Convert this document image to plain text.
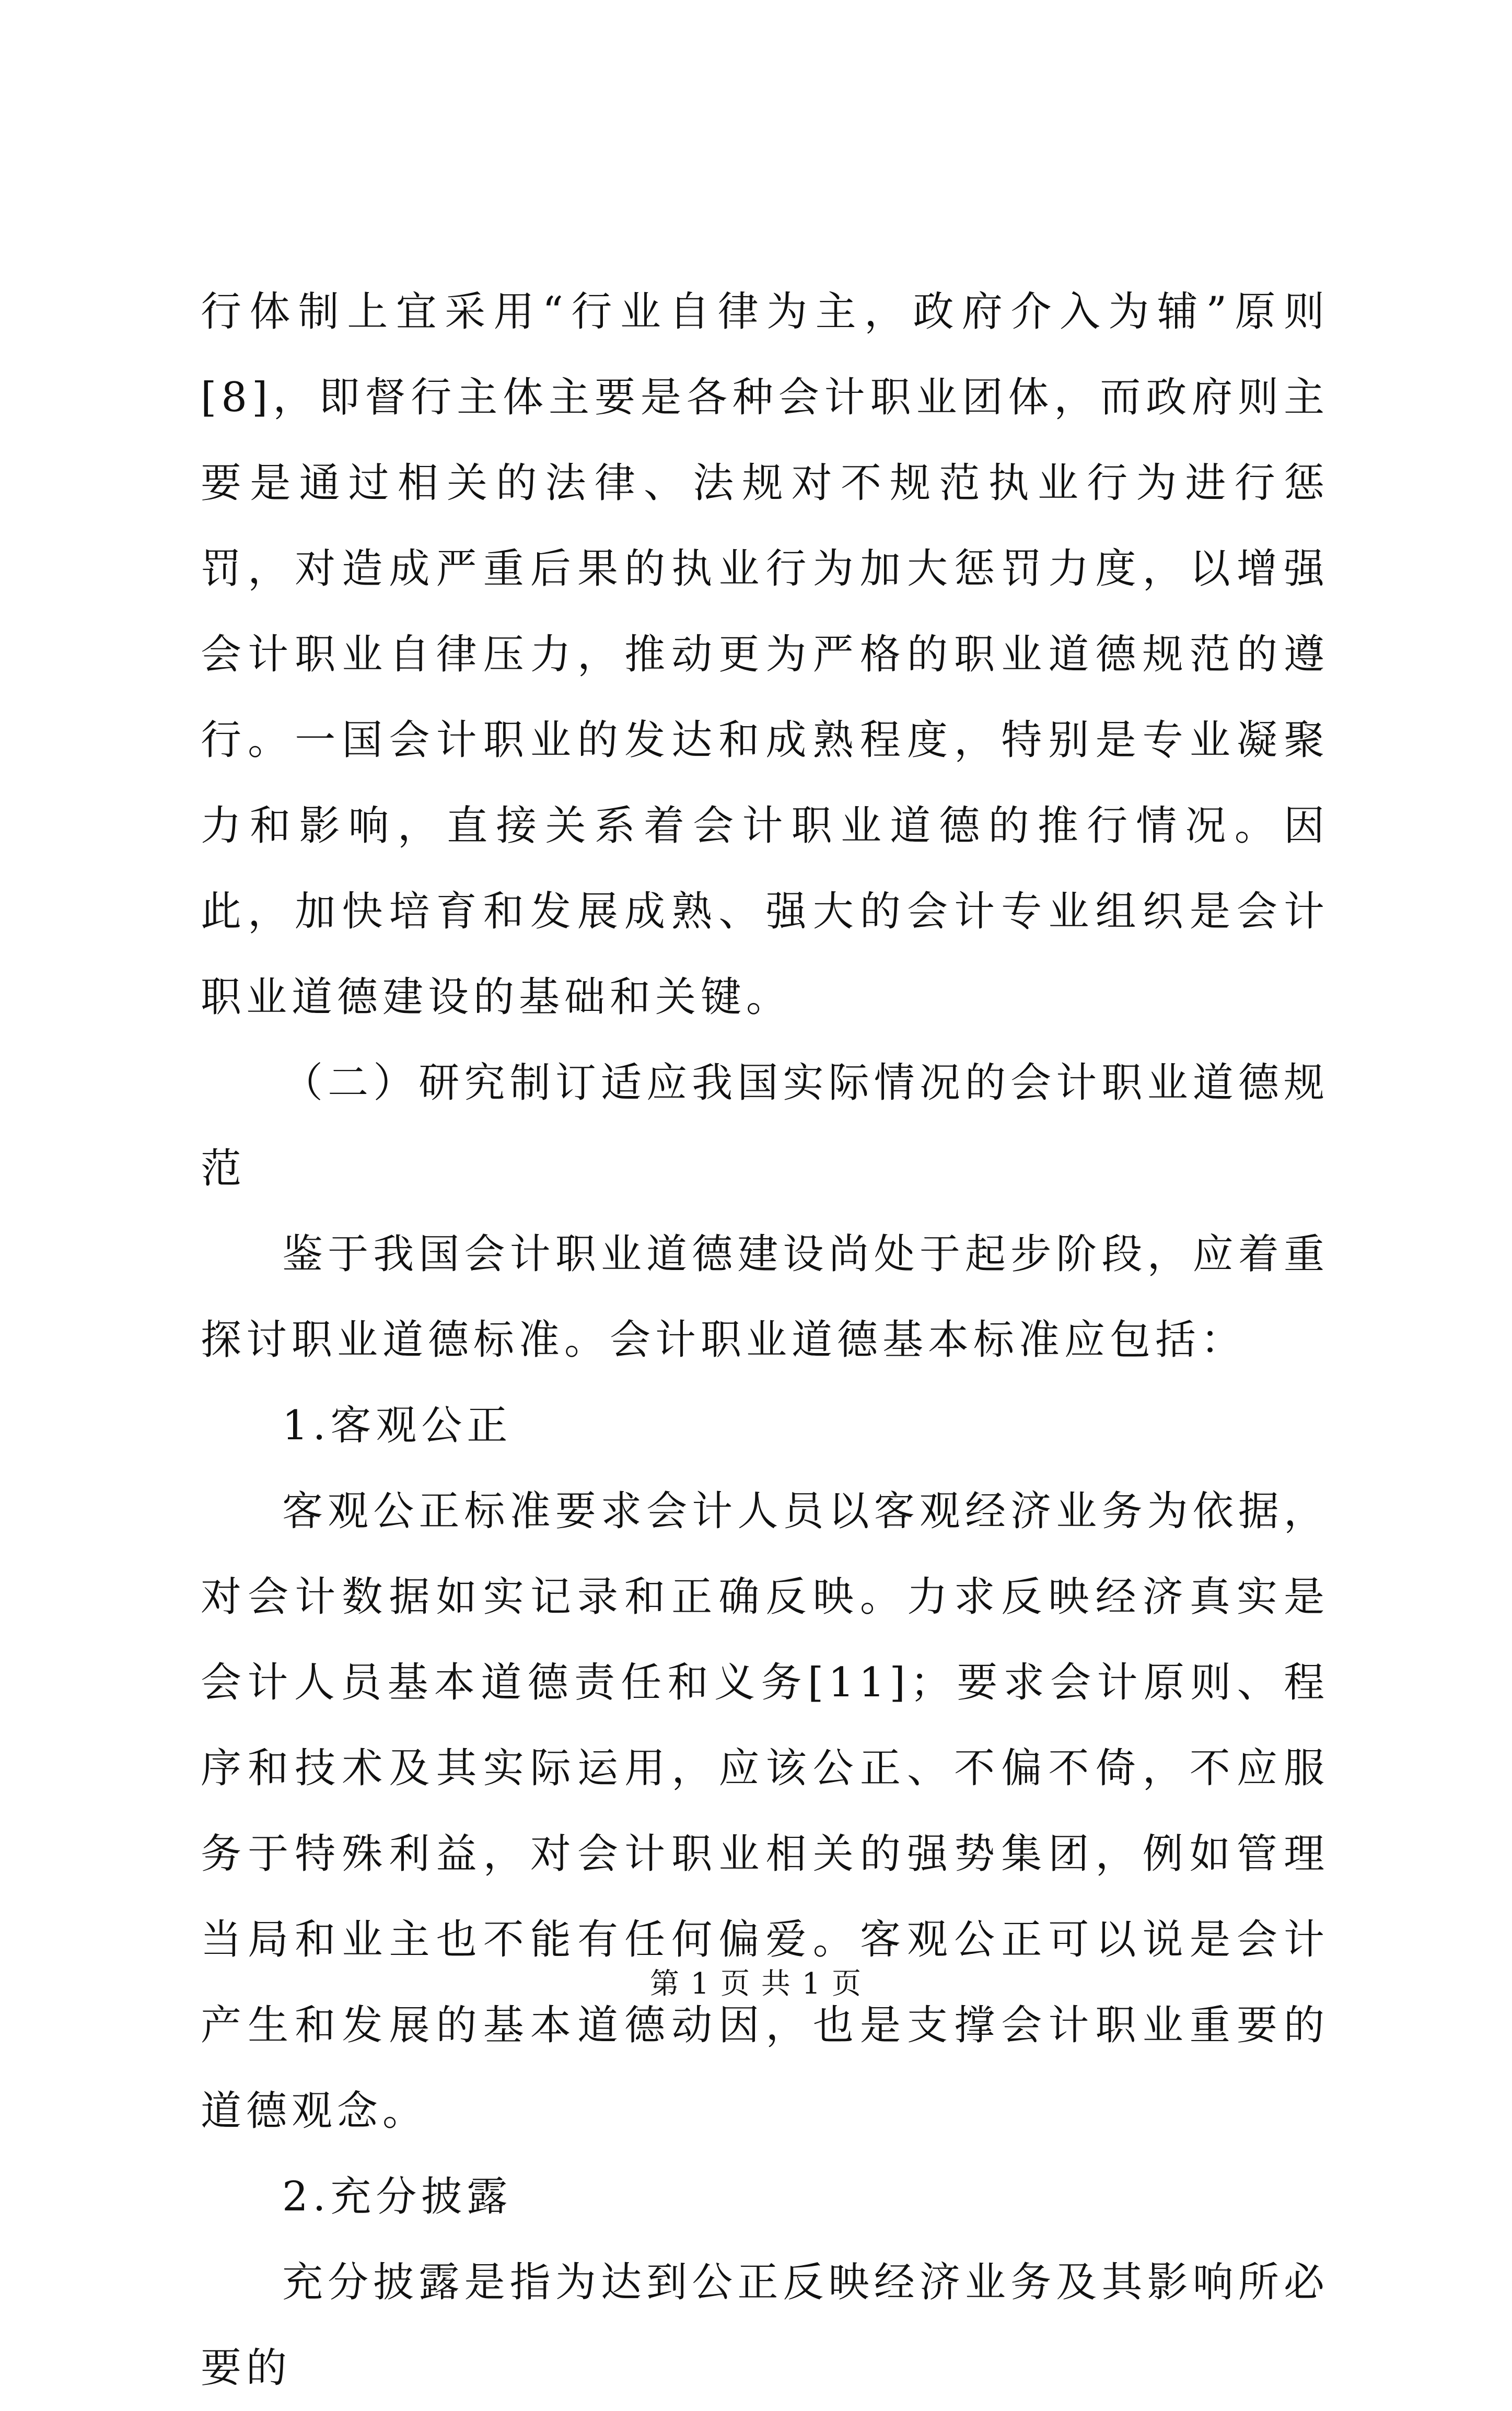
行体制上宜采用“行业自律为主，政府介入为辅”原则[8]，即督行主体主要是各种会计职业团体，而政府则主要是通过相关的法律、法规对不规范执业行为进行惩罚，对造成严重后果的执业行为加大惩罚力度，以增强会计职业自律压力，推动更为严格的职业道德规范的遵行。一国会计职业的发达和成熟程度，特别是专业凝聚力和影响，直接关系着会计职业道德的推行情况。因此，加快培育和发展成熟、强大的会计专业组织是会计职业道德建设的基础和关键。

（二）研究制订适应我国实际情况的会计职业道德规范

鉴于我国会计职业道德建设尚处于起步阶段，应着重探讨职业道德标准。会计职业道德基本标准应包括：

1.客观公正

客观公正标准要求会计人员以客观经济业务为依据，对会计数据如实记录和正确反映。力求反映经济真实是会计人员基本道德责任和义务[11]；要求会计原则、程序和技术及其实际运用，应该公正、不偏不倚，不应服务于特殊利益，对会计职业相关的强势集团，例如管理当局和业主也不能有任何偏爱。客观公正可以说是会计产生和发展的基本道德动因，也是支撑会计职业重要的道德观念。

2.充分披露

充分披露是指为达到公正反映经济业务及其影响所必要的

第 1 页 共 1 页
